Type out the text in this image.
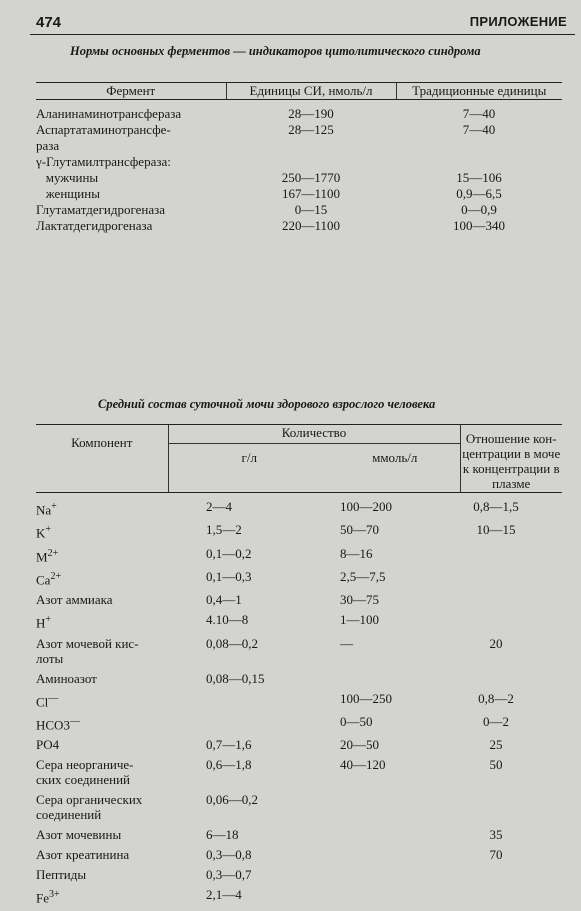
474	ПРИЛОЖЕНИЕ
Нормы основных ферментов — индикаторов цитолитического синдрома
Фермент	Единицы СИ, нмоль/л	Традиционные единицы
Аланинаминотрансфераза	28—190	7—40
Аспартатаминотрансфе-
раза	28—125	7—40
γ-Глутамилтрансфераза:		
мужчины	250—1770	15—106
женщины	167—1100	0,9—6,5
Глутаматдегидрогеназа	0—15	0—0,9
Лактатдегидрогеназа	220—1100	100—340
Средний состав суточной мочи здорового взрослого человека
Компонент	Количество		Отношение кон-
центрации в моче
к концентрации в
плазме
	г/л	ммоль/л	
Na+	2—4	100—200	0,8—1,5
K+	1,5—2	50—70	10—15
$M^{2+}$	0,1—0,2	8—16	
$Ca^{2+}$	0,1—0,3	2,5—7,5	
Азот аммиака	0,4—1	30—75	
H+	4.10—8	1—100	
Азот мочевой кис-
лоты	0,08—0,2	—	20
Аминоазот	0,08—0,15		
Cl—		100—250	0,8—2
HCO3—		0—50	0—2
PO4	0,7—1,6	20—50	25
Сера неорганиче-
ских соединений	0,6—1,8	40—120	50
Сера органических
соединений	0,06—0,2		
Азот мочевины	6—18		35
Азот креатинина	0,3—0,8		70
Пептиды	0,3—0,7		
$Fe^{3+}$	2,1—4		
